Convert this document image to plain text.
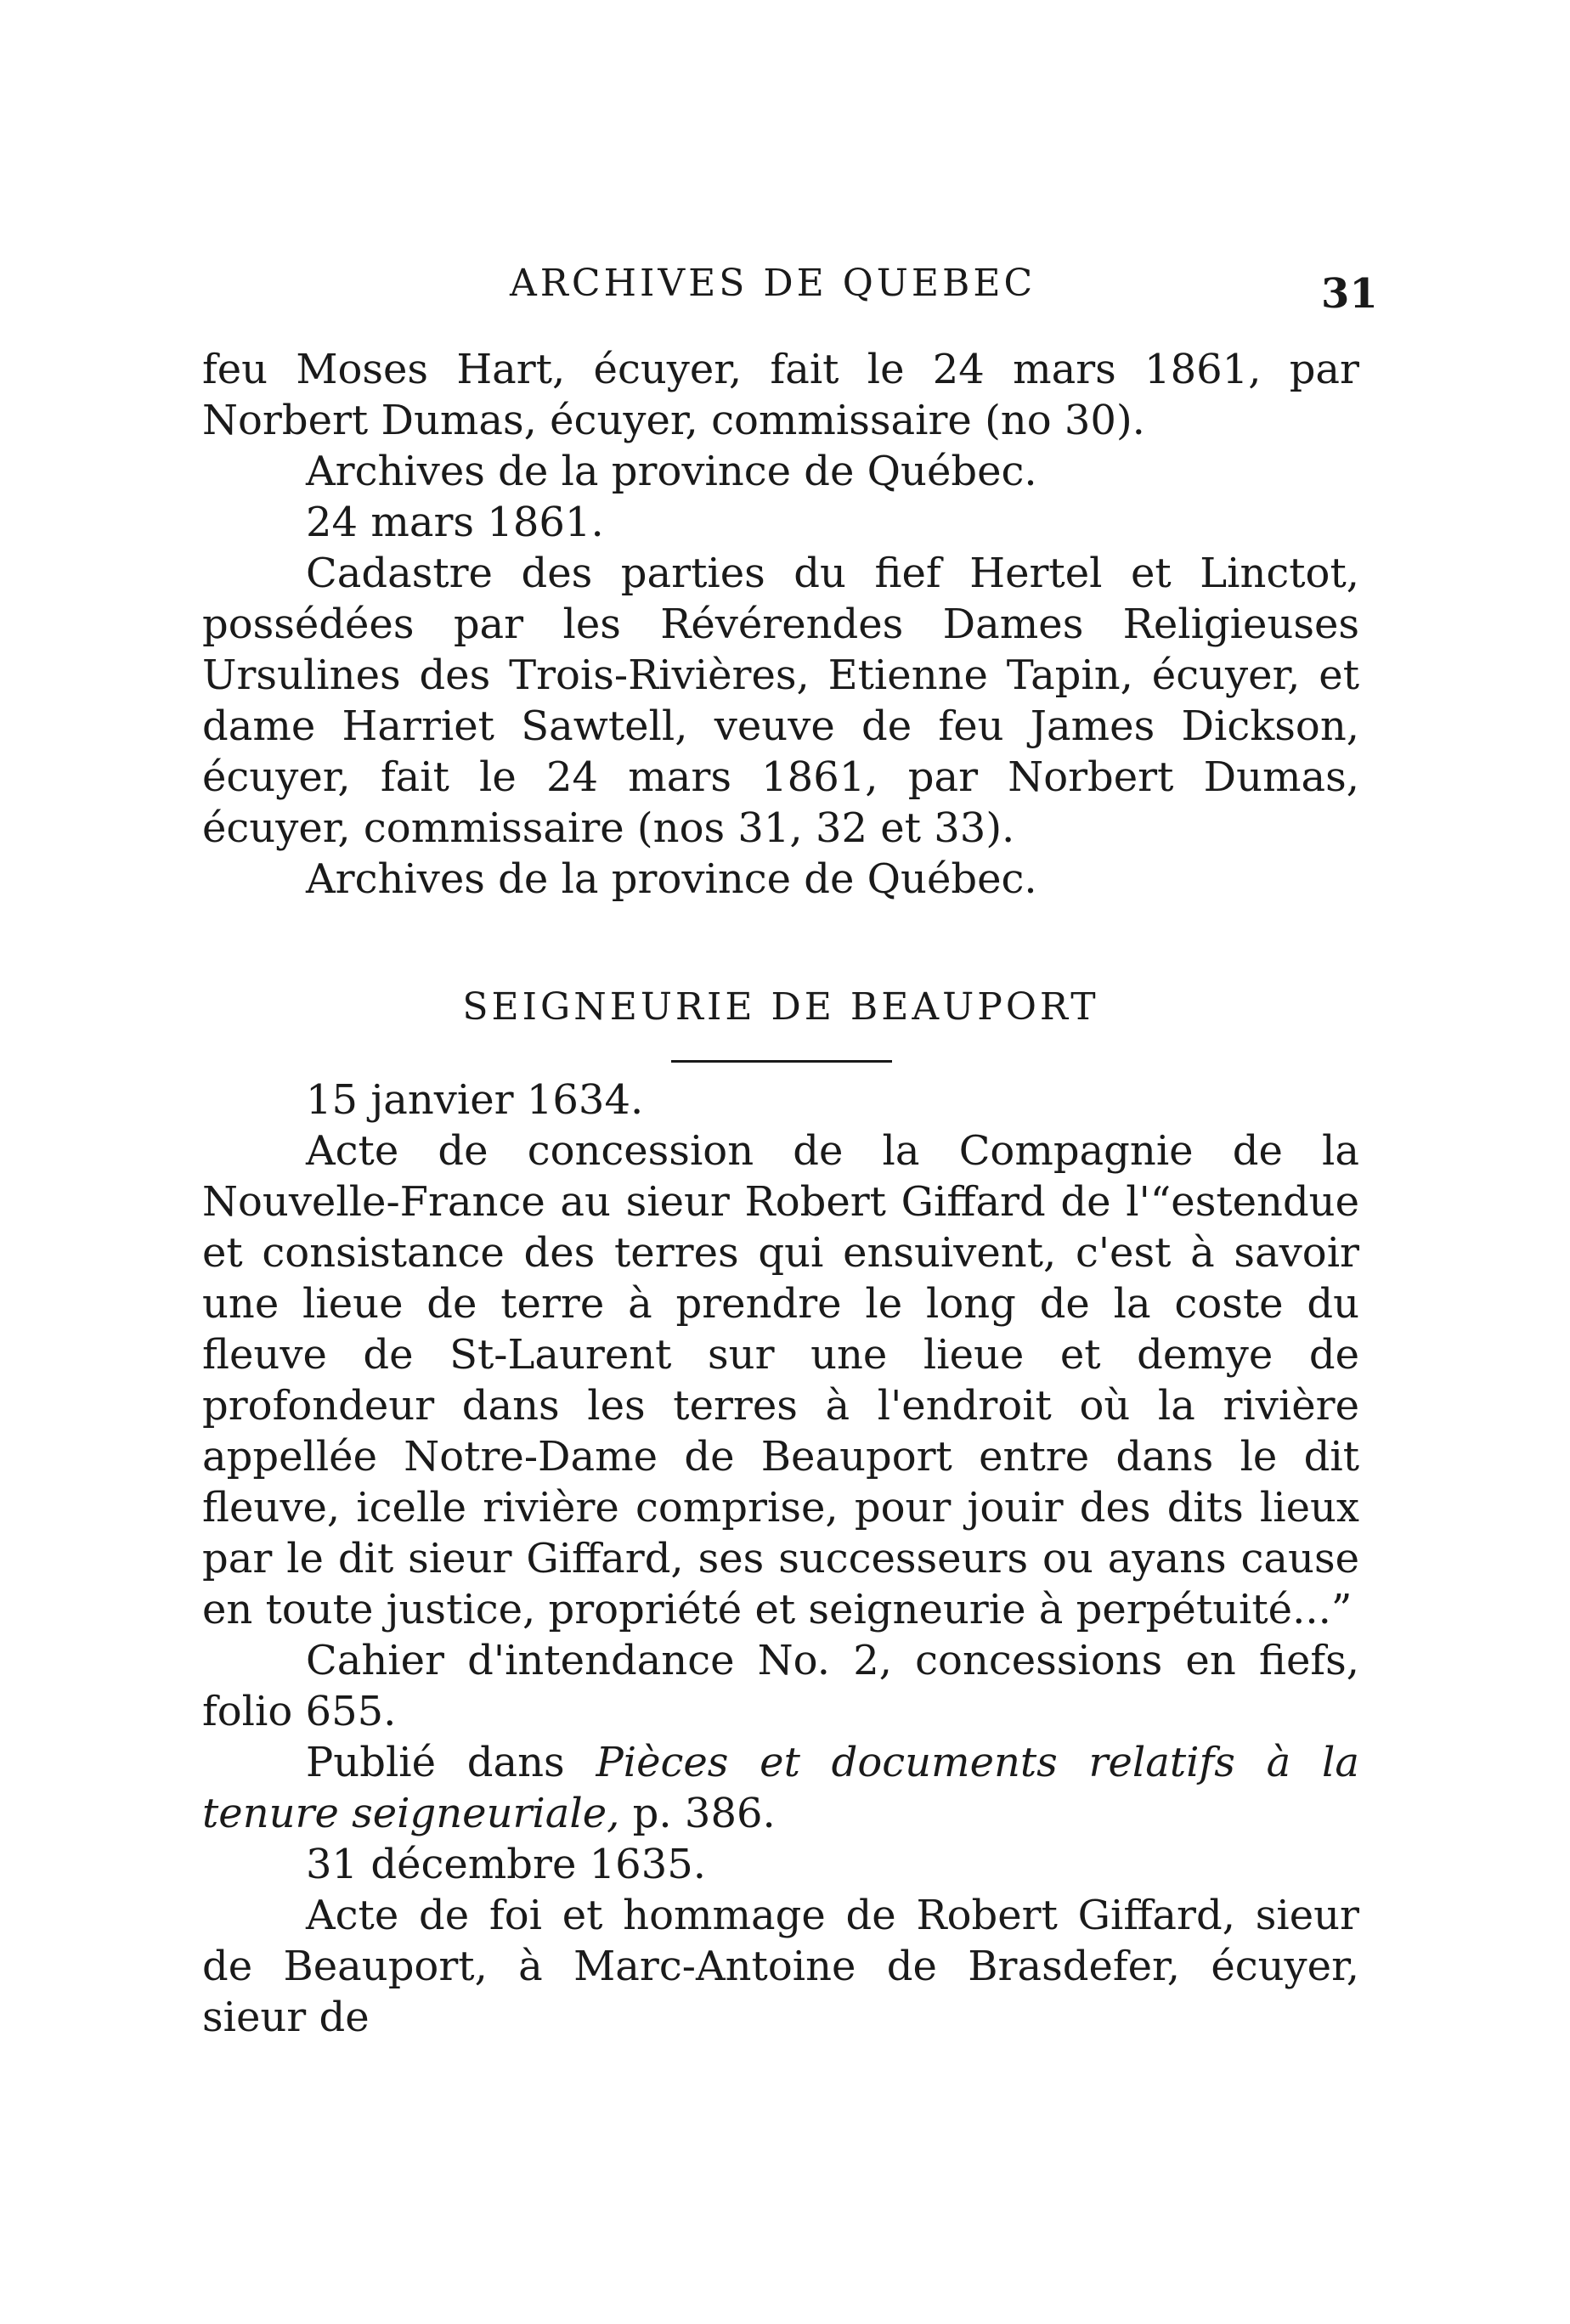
ARCHIVES DE QUEBEC	31

feu Moses Hart, écuyer, fait le 24 mars 1861, par Norbert Dumas, écuyer, commissaire (no 30).

Archives de la province de Québec.

24 mars 1861.

Cadastre des parties du fief Hertel et Linctot, possédées par les Révérendes Dames Religieuses Ursulines des Trois-Rivières, Etienne Tapin, écuyer, et dame Harriet Sawtell, veuve de feu James Dickson, écuyer, fait le 24 mars 1861, par Norbert Dumas, écuyer, commissaire (nos 31, 32 et 33).

Archives de la province de Québec.

SEIGNEURIE DE BEAUPORT

15 janvier 1634.

Acte de concession de la Compagnie de la Nouvelle-France au sieur Robert Giffard de l'“estendue et consistance des terres qui ensuivent, c'est à savoir une lieue de terre à prendre le long de la coste du fleuve de St-Laurent sur une lieue et demye de profondeur dans les terres à l'endroit où la rivière appellée Notre-Dame de Beauport entre dans le dit fleuve, icelle rivière comprise, pour jouir des dits lieux par le dit sieur Giffard, ses successeurs ou ayans cause en toute justice, propriété et seigneurie à perpétuité...”

Cahier d'intendance No. 2, concessions en fiefs, folio 655.

Publié dans Pièces et documents relatifs à la tenure seigneuriale, p. 386.

31 décembre 1635.

Acte de foi et hommage de Robert Giffard, sieur de Beauport, à Marc-Antoine de Brasdefer, écuyer, sieur de
